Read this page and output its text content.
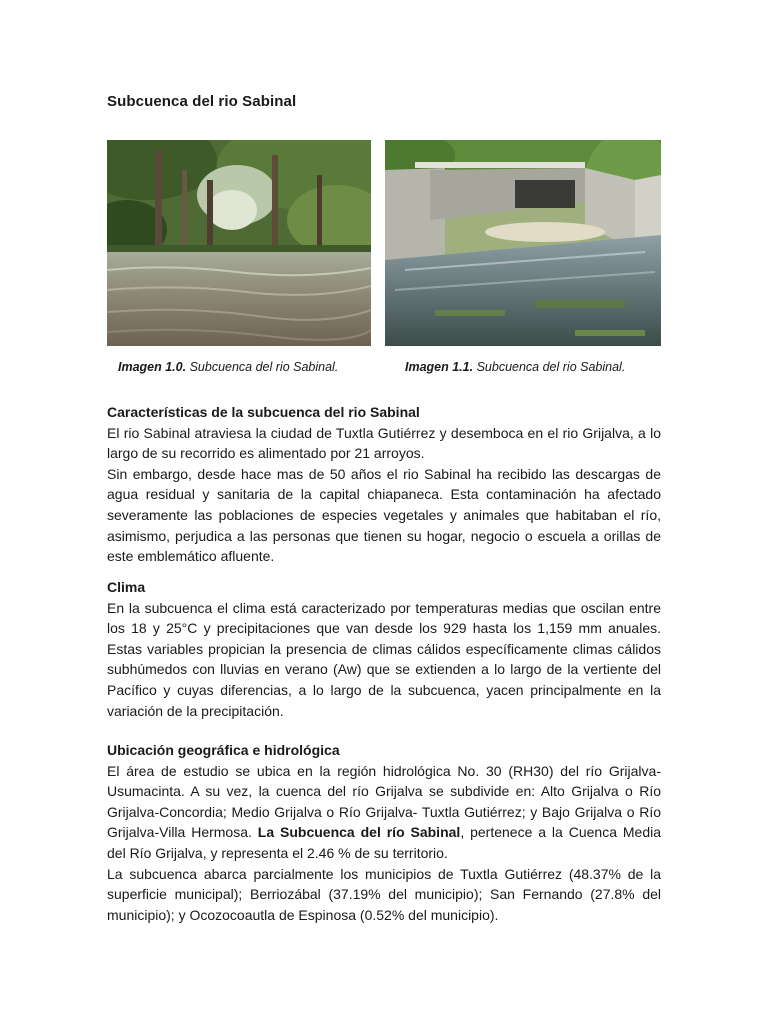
Subcuenca del rio Sabinal
Imagen 1.0. Subcuenca del rio Sabinal.	Imagen 1.1. Subcuenca del rio Sabinal.
Características de la subcuenca del rio Sabinal

El rio Sabinal atraviesa la ciudad de Tuxtla Gutiérrez y desemboca en el rio Grijalva, a lo largo de su recorrido es alimentado por 21 arroyos.

Sin embargo, desde hace mas de 50 años el rio Sabinal ha recibido las descargas de agua residual y sanitaria de la capital chiapaneca. Esta contaminación ha afectado severamente las poblaciones de especies vegetales y animales que habitaban el río, asimismo, perjudica a las personas que tienen su hogar, negocio o escuela a orillas de este emblemático afluente.

Clima

En la subcuenca el clima está caracterizado por temperaturas medias que oscilan entre los 18 y 25°C y precipitaciones que van desde los 929 hasta los 1,159 mm anuales. Estas variables propician la presencia de climas cálidos específicamente climas cálidos subhúmedos con lluvias en verano (Aw) que se extienden a lo largo de la vertiente del Pacífico y cuyas diferencias, a lo largo de la subcuenca, yacen principalmente en la variación de la precipitación.

Ubicación geográfica e hidrológica

El área de estudio se ubica en la región hidrológica No. 30 (RH30) del río Grijalva-Usumacinta. A su vez, la cuenca del río Grijalva se subdivide en: Alto Grijalva o Río Grijalva-Concordia; Medio Grijalva o Río Grijalva- Tuxtla Gutiérrez; y Bajo Grijalva o Río Grijalva-Villa Hermosa. La Subcuenca del río Sabinal, pertenece a la Cuenca Media del Río Grijalva, y representa el 2.46 % de su territorio.

La subcuenca abarca parcialmente los municipios de Tuxtla Gutiérrez (48.37% de la superficie municipal); Berriozábal (37.19% del municipio); San Fernando (27.8% del municipio); y Ocozocoautla de Espinosa (0.52% del municipio).
